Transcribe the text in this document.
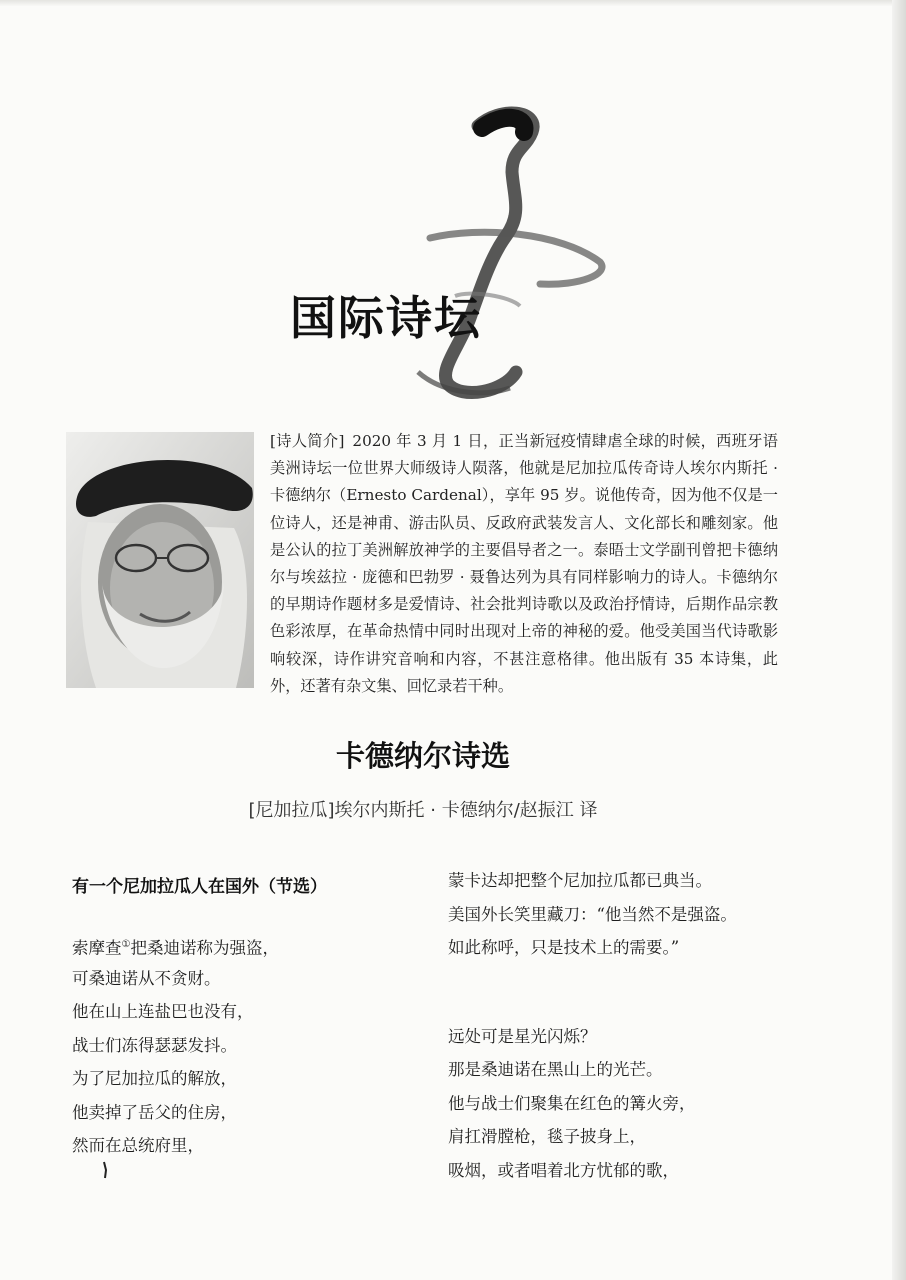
国际诗坛
[诗人简介] 2020 年 3 月 1 日，正当新冠疫情肆虐全球的时候，西班牙语美洲诗坛一位世界大师级诗人陨落，他就是尼加拉瓜传奇诗人埃尔内斯托 · 卡德纳尔（Ernesto Cardenal），享年 95 岁。说他传奇，因为他不仅是一位诗人，还是神甫、游击队员、反政府武装发言人、文化部长和雕刻家。他是公认的拉丁美洲解放神学的主要倡导者之一。泰晤士文学副刊曾把卡德纳尔与埃兹拉 · 庞德和巴勃罗 · 聂鲁达列为具有同样影响力的诗人。卡德纳尔的早期诗作题材多是爱情诗、社会批判诗歌以及政治抒情诗，后期作品宗教色彩浓厚，在革命热情中同时出现对上帝的神秘的爱。他受美国当代诗歌影响较深，诗作讲究音响和内容，不甚注意格律。他出版有 35 本诗集，此外，还著有杂文集、回忆录若干种。
卡德纳尔诗选
[尼加拉瓜]埃尔内斯托 · 卡德纳尔/赵振江 译
有一个尼加拉瓜人在国外（节选）
索摩查①把桑迪诺称为强盗，
可桑迪诺从不贪财。
他在山上连盐巴也没有，
战士们冻得瑟瑟发抖。
为了尼加拉瓜的解放，
他卖掉了岳父的住房，
然而在总统府里，
蒙卡达却把整个尼加拉瓜都已典当。
美国外长笑里藏刀：“他当然不是强盗。
如此称呼，只是技术上的需要。”
远处可是星光闪烁？
那是桑迪诺在黑山上的光芒。
他与战士们聚集在红色的篝火旁，
肩扛滑膛枪，毯子披身上，
吸烟，或者唱着北方忧郁的歌，
